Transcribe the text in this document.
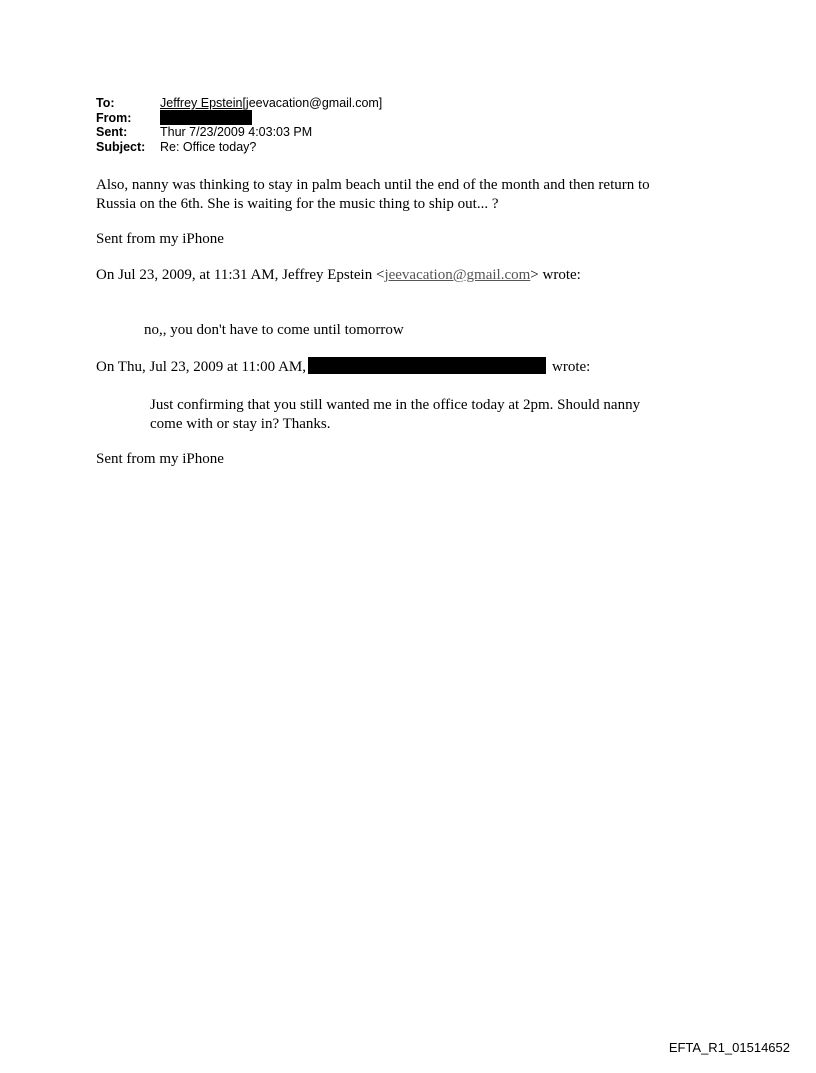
To:	Jeffrey Epstein[jeevacation@gmail.com]
From:
Sent:	Thur 7/23/2009 4:03:03 PM
Subject:	Re: Office today?
Also, nanny was thinking to stay in palm beach until the end of the month and then return to
Russia on the 6th. She is waiting for the music thing to ship out... ?
Sent from my iPhone
On Jul 23, 2009, at 11:31 AM, Jeffrey Epstein <jeevacation@gmail.com> wrote:
no,, you don't have to come until tomorrow
On Thu, Jul 23, 2009 at 11:00 AM,	wrote:
Just confirming that you still wanted me in the office today at 2pm. Should nanny
come with or stay in? Thanks.
Sent from my iPhone
EFTA_R1_01514652
